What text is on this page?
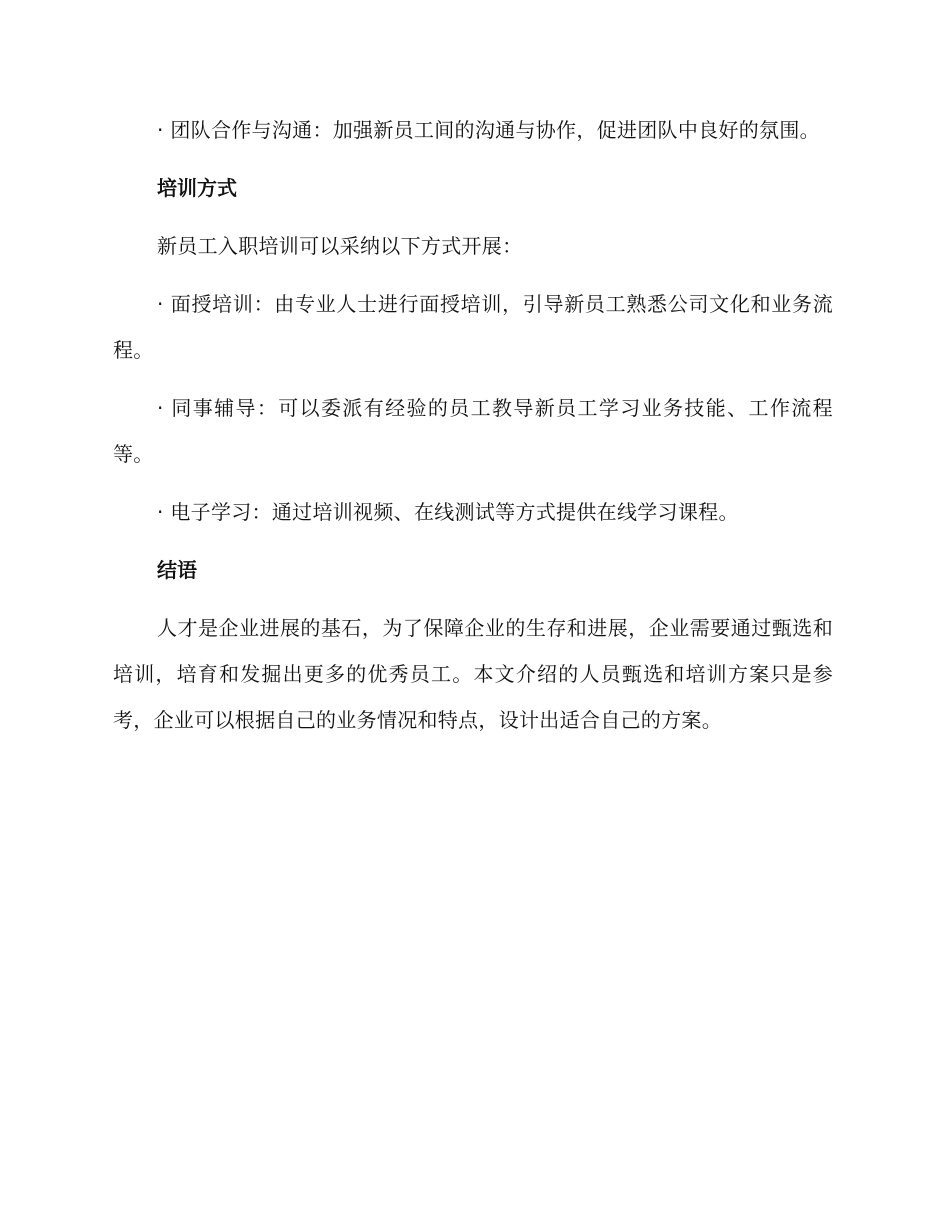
· 团队合作与沟通：加强新员工间的沟通与协作，促进团队中良好的氛围。

培训方式

新员工入职培训可以采纳以下方式开展：

· 面授培训：由专业人士进行面授培训，引导新员工熟悉公司文化和业务流程。

· 同事辅导：可以委派有经验的员工教导新员工学习业务技能、工作流程等。

· 电子学习：通过培训视频、在线测试等方式提供在线学习课程。

结语

人才是企业进展的基石，为了保障企业的生存和进展，企业需要通过甄选和培训，培育和发掘出更多的优秀员工。本文介绍的人员甄选和培训方案只是参考，企业可以根据自己的业务情况和特点，设计出适合自己的方案。
